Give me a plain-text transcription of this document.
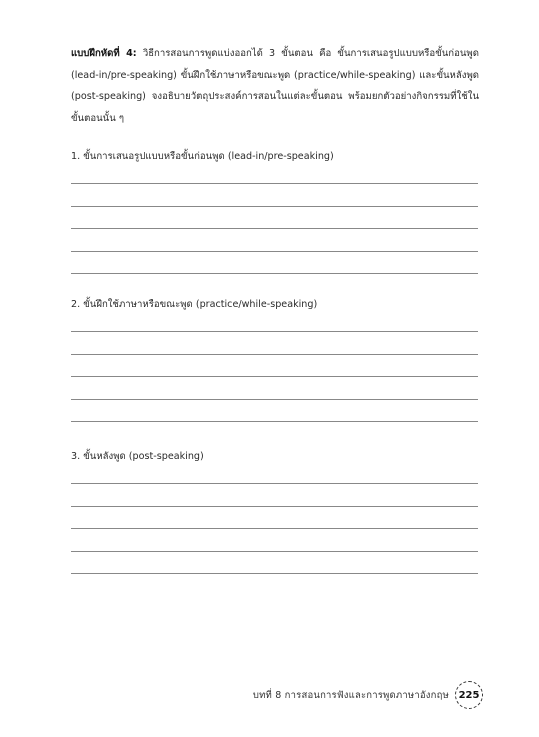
แบบฝึกหัดที่ 4: วิธีการสอนการพูดแบ่งออกได้ 3 ขั้นตอน คือ ขั้นการเสนอรูปแบบหรือขั้นก่อนพูด (lead-in/pre-speaking) ขั้นฝึกใช้ภาษาหรือขณะพูด (practice/while-speaking) และขั้นหลังพูด (post-speaking) จงอธิบายวัตถุประสงค์การสอนในแต่ละขั้นตอน พร้อมยกตัวอย่างกิจกรรมที่ใช้ในขั้นตอนนั้น ๆ
1. ขั้นการเสนอรูปแบบหรือขั้นก่อนพูด (lead-in/pre-speaking)
2. ขั้นฝึกใช้ภาษาหรือขณะพูด (practice/while-speaking)
3. ขั้นหลังพูด (post-speaking)
บทที่ 8 การสอนการฟังและการพูดภาษาอังกฤษ 225
